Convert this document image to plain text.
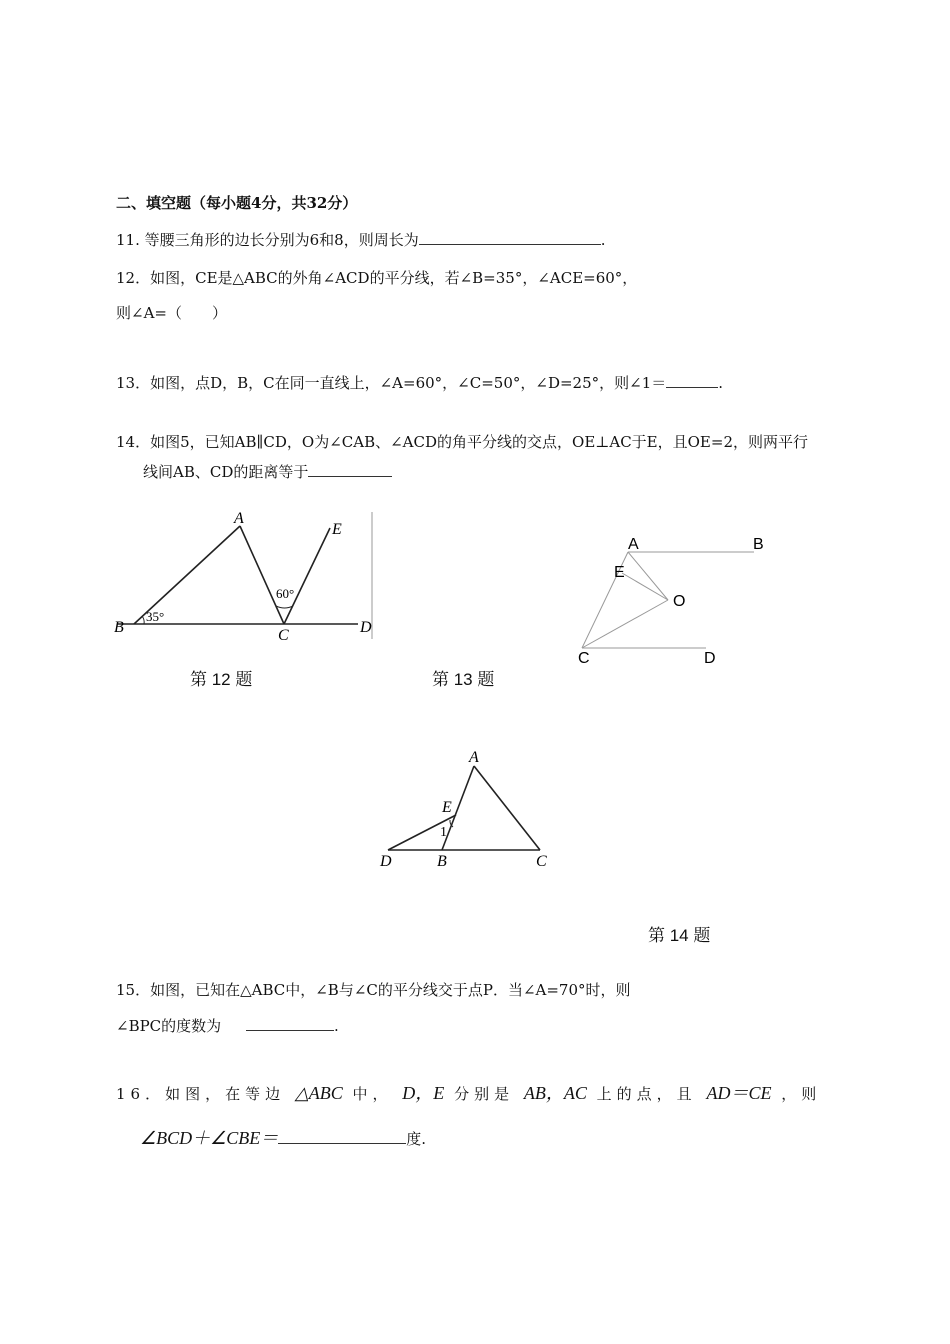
二、填空题（每小题4分，共32分）
11. 等腰三角形的边长分别为6和8，则周长为	.
12．如图，CE是△ABC的外角∠ACD的平分线，若∠B=35°，∠ACE=60°，
则∠A=（　　）
13．如图，点D，B，C在同一直线上，∠A=60°，∠C=50°，∠D=25°，则∠1＝	.
14．如图5，已知AB∥CD，O为∠CAB、∠ACD的角平分线的交点，OE⊥AC于E，且OE=2，则两平行
线间AB、CD的距离等于
A
B	C	D
E
35°
60°
A	B
E
O
C	D
第 12 题	第 13 题
A
B	C
D
E
1
第 14 题
15．如图，已知在△ABC中，∠B与∠C的平分线交于点P．当∠A=70°时，则
∠BPC的度数为	.
16．如图，在等边 △ABC 中， D，E 分别是 AB，AC 上的点，且 AD＝CE ，则
∠BCD＋∠CBE＝	度.
